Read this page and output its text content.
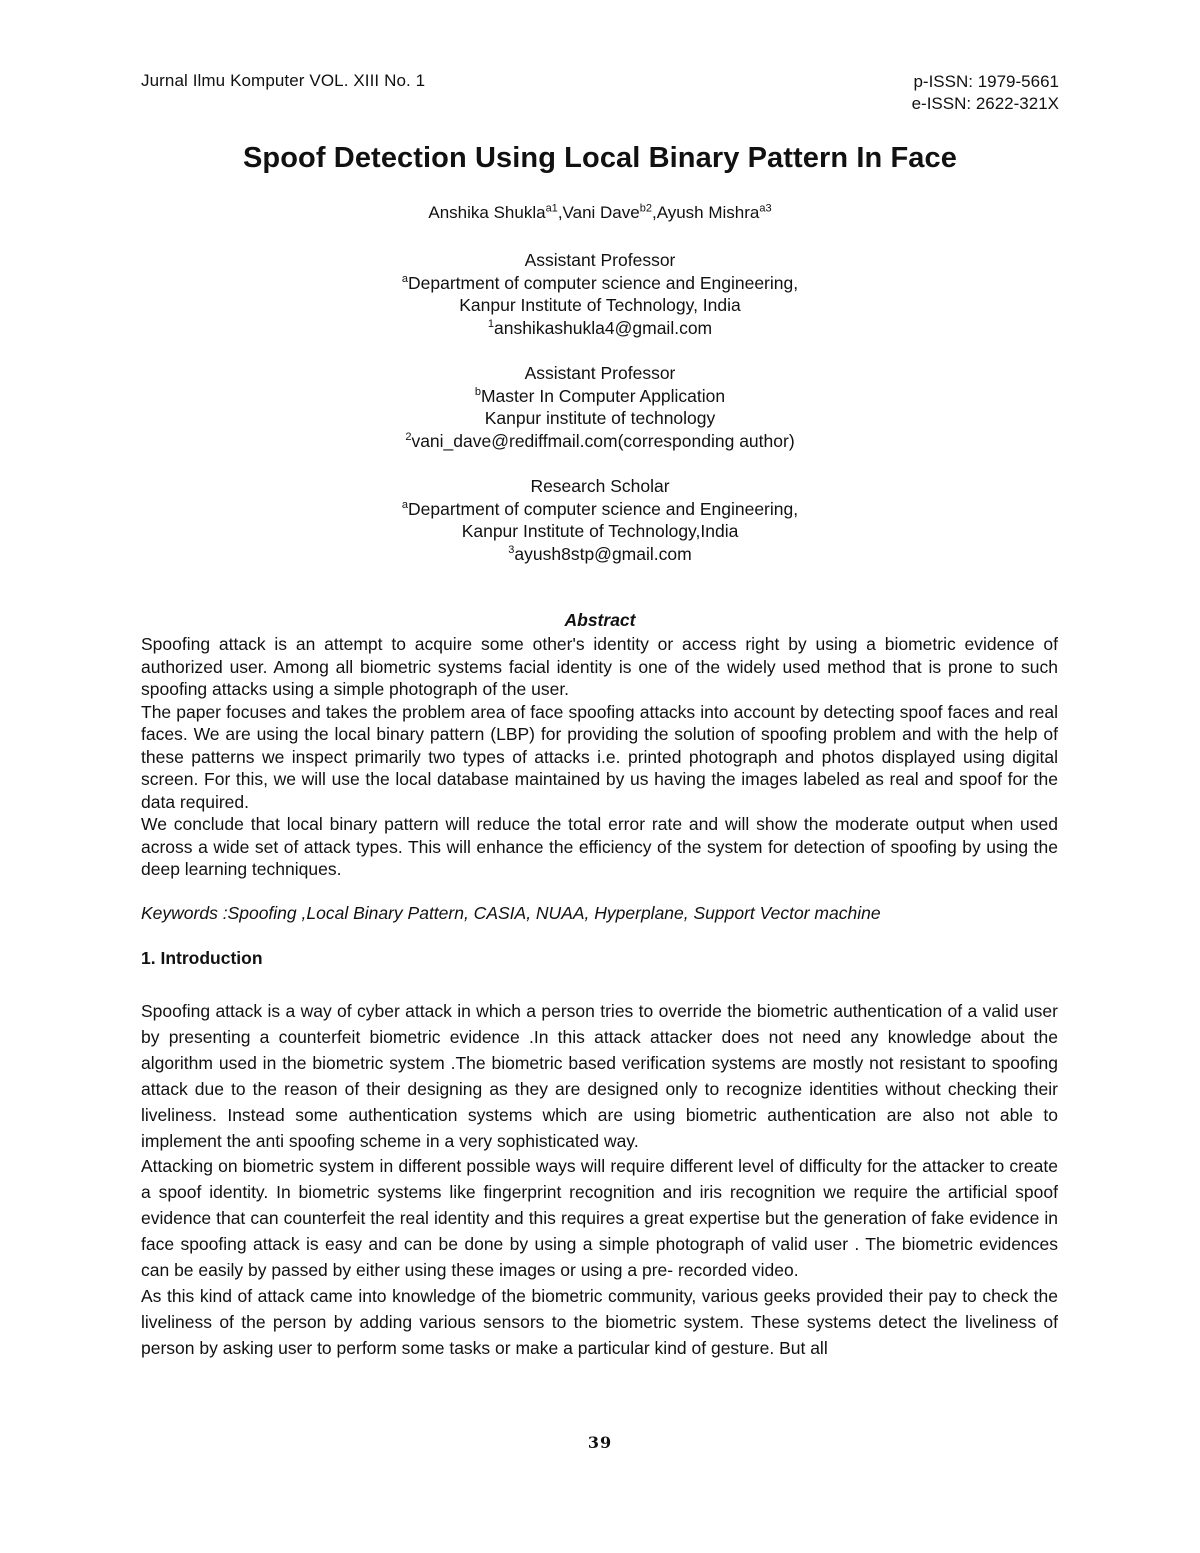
Jurnal Ilmu Komputer VOL. XIII No. 1	p-ISSN: 1979-5661
e-ISSN: 2622-321X
Spoof Detection Using Local Binary Pattern In Face
Anshika Shukla$^{a1}$,Vani Dave$^{b2}$,Ayush Mishra$^{a3}$
Assistant Professor
$^a$Department of computer science and Engineering,
Kanpur Institute of Technology, India
$^1$anshikashukla4@gmail.com
Assistant Professor
$^b$Master In Computer Application
Kanpur institute of technology
$^2$vani_dave@rediffmail.com(corresponding author)
Research Scholar
$^a$Department of computer science and Engineering,
Kanpur Institute of Technology,India
$^3$ayush8stp@gmail.com
Abstract

Spoofing attack is an attempt to acquire some other's identity or access right by using a biometric evidence of authorized user. Among all biometric systems facial identity is one of the widely used method that is prone to such spoofing attacks using a simple photograph of the user.

The paper focuses and takes the problem area of face spoofing attacks into account by detecting spoof faces and real faces. We are using the local binary pattern (LBP) for providing the solution of spoofing problem and with the help of these patterns we inspect primarily two types of attacks i.e. printed photograph and photos displayed using digital screen. For this, we will use the local database maintained by us having the images labeled as real and spoof for the data required.

We conclude that local binary pattern will reduce the total error rate and will show the moderate output when used across a wide set of attack types. This will enhance the efficiency of the system for detection of spoofing by using the deep learning techniques.

Keywords :Spoofing ,Local Binary Pattern, CASIA, NUAA, Hyperplane, Support Vector machine
1. Introduction

Spoofing attack is a way of cyber attack in which a person tries to override the biometric authentication of a valid user by presenting a counterfeit biometric evidence .In this attack attacker does not need any knowledge about the algorithm used in the biometric system .The biometric based verification systems are mostly not resistant to spoofing attack due to the reason of their designing as they are designed only to recognize identities without checking their liveliness. Instead some authentication systems which are using biometric authentication are also not able to implement the anti spoofing scheme in a very sophisticated way.

Attacking on biometric system in different possible ways will require different level of difficulty for the attacker to create a spoof identity. In biometric systems like fingerprint recognition and iris recognition we require the artificial spoof evidence that can counterfeit the real identity and this requires a great expertise but the generation of fake evidence in face spoofing attack is easy and can be done by using a simple photograph of valid user . The biometric evidences can be easily by passed by either using these images or using a pre- recorded video.

As this kind of attack came into knowledge of the biometric community, various geeks provided their pay to check the liveliness of the person by adding various sensors to the biometric system. These systems detect the liveliness of person by asking user to perform some tasks or make a particular kind of gesture. But all

39
